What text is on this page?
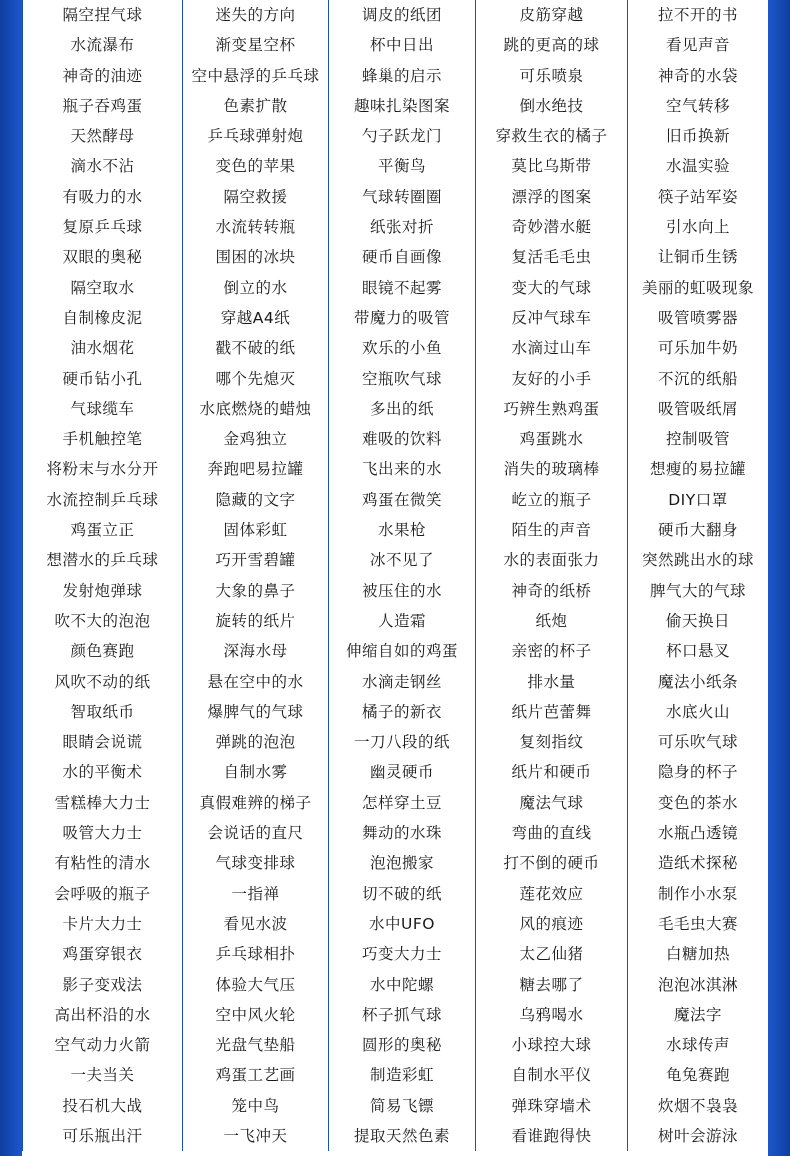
隔空捏气球	迷失的方向	调皮的纸团	皮筋穿越	拉不开的书
水流瀑布	渐变星空杯	杯中日出	跳的更高的球	看见声音
神奇的油迹	空中悬浮的乒乓球	蜂巢的启示	可乐喷泉	神奇的水袋
瓶子吞鸡蛋	色素扩散	趣味扎染图案	倒水绝技	空气转移
天然酵母	乒乓球弹射炮	勺子跃龙门	穿救生衣的橘子	旧币换新
滴水不沾	变色的苹果	平衡鸟	莫比乌斯带	水温实验
有吸力的水	隔空救援	气球转圈圈	漂浮的图案	筷子站军姿
复原乒乓球	水流转转瓶	纸张对折	奇妙潜水艇	引水向上
双眼的奥秘	围困的冰块	硬币自画像	复活毛毛虫	让铜币生锈
隔空取水	倒立的水	眼镜不起雾	变大的气球	美丽的虹吸现象
自制橡皮泥	穿越A4纸	带魔力的吸管	反冲气球车	吸管喷雾器
油水烟花	戳不破的纸	欢乐的小鱼	水滴过山车	可乐加牛奶
硬币钻小孔	哪个先熄灭	空瓶吹气球	友好的小手	不沉的纸船
气球缆车	水底燃烧的蜡烛	多出的纸	巧辨生熟鸡蛋	吸管吸纸屑
手机触控笔	金鸡独立	难吸的饮料	鸡蛋跳水	控制吸管
将粉末与水分开	奔跑吧易拉罐	飞出来的水	消失的玻璃棒	想瘦的易拉罐
水流控制乒乓球	隐藏的文字	鸡蛋在微笑	屹立的瓶子	DIY口罩
鸡蛋立正	固体彩虹	水果枪	陌生的声音	硬币大翻身
想潜水的乒乓球	巧开雪碧罐	冰不见了	水的表面张力	突然跳出水的球
发射炮弹球	大象的鼻子	被压住的水	神奇的纸桥	脾气大的气球
吹不大的泡泡	旋转的纸片	人造霜	纸炮	偷天换日
颜色赛跑	深海水母	伸缩自如的鸡蛋	亲密的杯子	杯口悬叉
风吹不动的纸	悬在空中的水	水滴走钢丝	排水量	魔法小纸条
智取纸币	爆脾气的气球	橘子的新衣	纸片芭蕾舞	水底火山
眼睛会说谎	弹跳的泡泡	一刀八段的纸	复刻指纹	可乐吹气球
水的平衡术	自制水雾	幽灵硬币	纸片和硬币	隐身的杯子
雪糕棒大力士	真假难辨的梯子	怎样穿土豆	魔法气球	变色的茶水
吸管大力士	会说话的直尺	舞动的水珠	弯曲的直线	水瓶凸透镜
有粘性的清水	气球变排球	泡泡搬家	打不倒的硬币	造纸术探秘
会呼吸的瓶子	一指禅	切不破的纸	莲花效应	制作小水泵
卡片大力士	看见水波	水中UFO	风的痕迹	毛毛虫大赛
鸡蛋穿银衣	乒乓球相扑	巧变大力士	太乙仙猪	白糖加热
影子变戏法	体验大气压	水中陀螺	糖去哪了	泡泡冰淇淋
高出杯沿的水	空中风火轮	杯子抓气球	乌鸦喝水	魔法字
空气动力火箭	光盘气垫船	圆形的奥秘	小球控大球	水球传声
一夫当关	鸡蛋工艺画	制造彩虹	自制水平仪	龟兔赛跑
投石机大战	笼中鸟	简易飞镖	弹珠穿墙术	炊烟不袅袅
可乐瓶出汗	一飞冲天	提取天然色素	看谁跑得快	树叶会游泳
